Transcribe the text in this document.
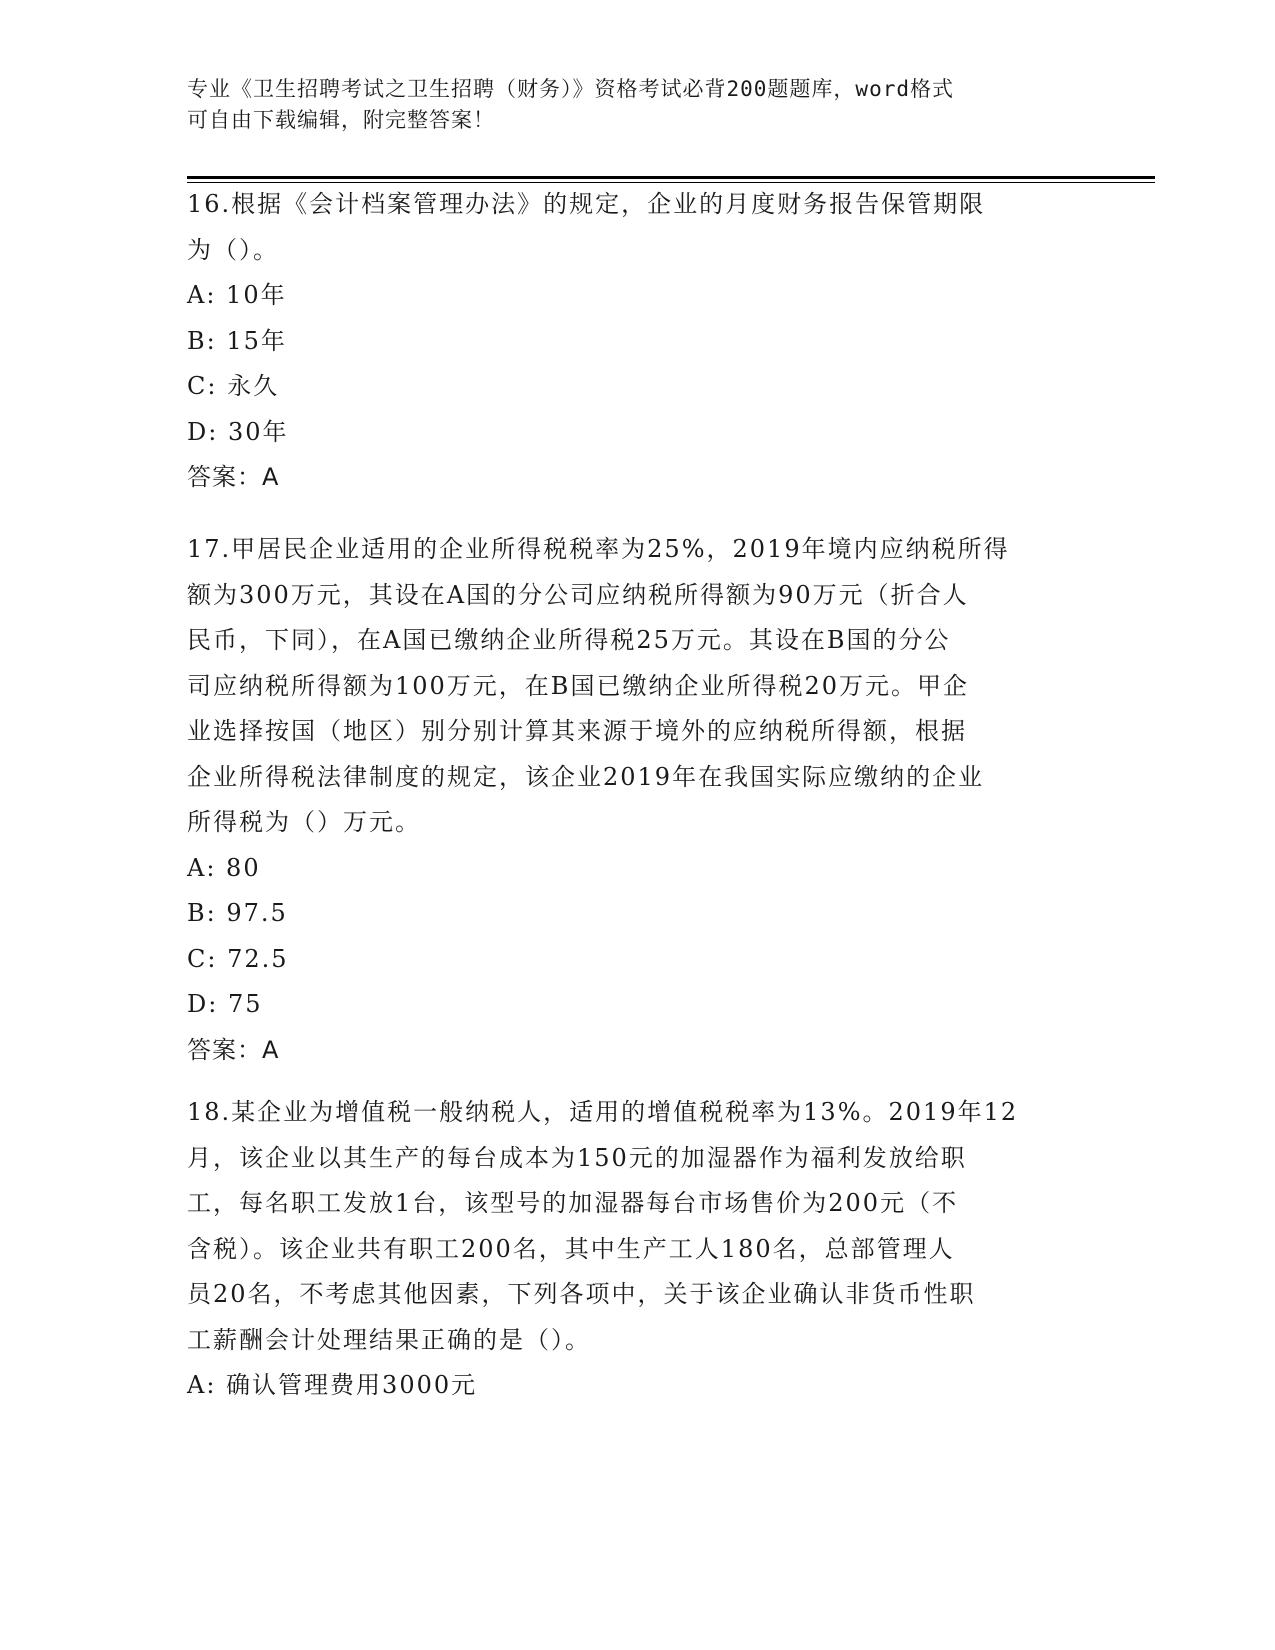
专业《卫生招聘考试之卫生招聘（财务）》资格考试必背200题题库，word格式
可自由下载编辑，附完整答案！

16.根据《会计档案管理办法》的规定，企业的月度财务报告保管期限

为（）。

A: 10年

B: 15年

C: 永久

D: 30年

答案：A

17.甲居民企业适用的企业所得税税率为25%，2019年境内应纳税所得

额为300万元，其设在A国的分公司应纳税所得额为90万元（折合人

民币，下同），在A国已缴纳企业所得税25万元。其设在B国的分公

司应纳税所得额为100万元，在B国已缴纳企业所得税20万元。甲企

业选择按国（地区）别分别计算其来源于境外的应纳税所得额，根据

企业所得税法律制度的规定，该企业2019年在我国实际应缴纳的企业

所得税为（）万元。

A: 80

B: 97.5

C: 72.5

D: 75

答案：A

18.某企业为增值税一般纳税人，适用的增值税税率为13%。2019年12

月，该企业以其生产的每台成本为150元的加湿器作为福利发放给职

工，每名职工发放1台，该型号的加湿器每台市场售价为200元（不

含税）。该企业共有职工200名，其中生产工人180名，总部管理人

员20名，不考虑其他因素，下列各项中，关于该企业确认非货币性职

工薪酬会计处理结果正确的是（）。

A: 确认管理费用3000元
